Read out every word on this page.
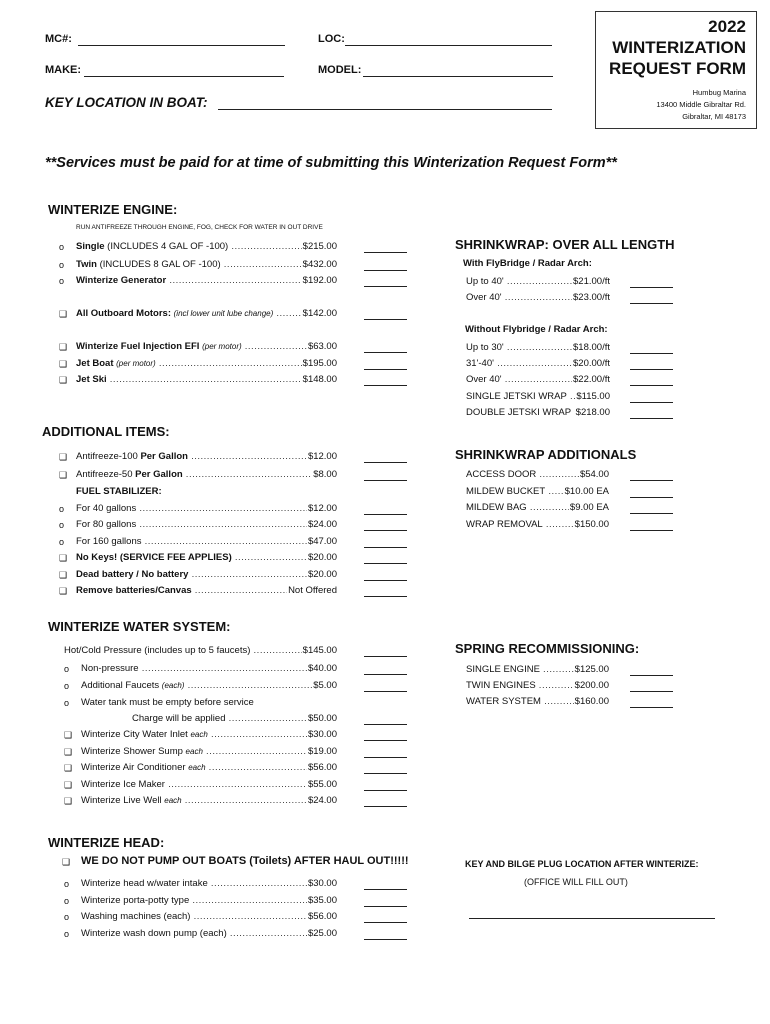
MC#:	LOC:
MAKE:	MODEL:
KEY LOCATION IN BOAT:
2022
WINTERIZATION
REQUEST FORM
Humbug Marina
13400 Middle Gibraltar Rd.
Gibraltar, MI 48173
**Services must be paid for at time of submitting this Winterization Request Form**
WINTERIZE ENGINE:
RUN ANTIFREEZE THROUGH ENGINE, FOG, CHECK FOR WATER IN OUT DRIVE
o Single (INCLUDES 4 GAL OF -100) .....	$215.00
o Twin (INCLUDES 8 GAL OF -100) .....	$432.00
o Winterize Generator .....	$192.00
❑ All Outboard Motors: (incl lower unit lube change) .....	$142.00
❑ Winterize Fuel Injection EFI (per motor) .....	$63.00
❑ Jet Boat (per motor) .....	$195.00
❑ Jet Ski .....	$148.00
SHRINKWRAP: OVER ALL LENGTH
With FlyBridge / Radar Arch:
Up to 40' .....	$21.00/ft
Over 40' .....	$23.00/ft
Without Flybridge / Radar Arch:
Up to 30' .....	$18.00/ft
31'-40' .....	$20.00/ft
Over 40' .....	$22.00/ft
SINGLE JETSKI WRAP .....	$115.00
DOUBLE JETSKI WRAP ..... $218.00
ADDITIONAL ITEMS:
❑ Antifreeze-100 Per Gallon .....	$12.00
❑ Antifreeze-50 Per Gallon .....	$8.00
FUEL STABILIZER:
o For 40 gallons .....	$12.00
o For 80 gallons .....	$24.00
o For 160 gallons .....	$47.00
❑ No Keys! (SERVICE FEE APPLIES) .....	$20.00
❑ Dead battery / No battery .....	$20.00
❑ Remove batteries/Canvas .....	Not Offered
SHRINKWRAP ADDITIONALS
ACCESS DOOR .....	$54.00
MILDEW BUCKET .....	$10.00 EA
MILDEW BAG .....	$9.00 EA
WRAP REMOVAL .....	$150.00
WINTERIZE WATER SYSTEM:
Hot/Cold Pressure (includes up to 5 faucets) .....	$145.00
o Non-pressure .....	$40.00
o Additional Faucets (each) .....	$5.00
o Water tank must be empty before service
Charge will be applied .....	$50.00
❑ Winterize City Water Inlet each .....	$30.00
❑ Winterize Shower Sump each .....	$19.00
❑ Winterize Air Conditioner each .....	$56.00
❑ Winterize Ice Maker .....	$55.00
❑ Winterize Live Well each .....	$24.00
SPRING RECOMMISSIONING:
SINGLE ENGINE .....	$125.00
TWIN ENGINES .....	$200.00
WATER SYSTEM .....	$160.00
WINTERIZE HEAD:
❑ WE DO NOT PUMP OUT BOATS (Toilets) AFTER HAUL OUT!!!!!
o Winterize head w/water intake .....	$30.00
o Winterize porta-potty type .....	$35.00
o Washing machines (each) .....	$56.00
o Winterize wash down pump (each) .....	$25.00
KEY AND BILGE PLUG LOCATION AFTER WINTERIZE:
(OFFICE WILL FILL OUT)
